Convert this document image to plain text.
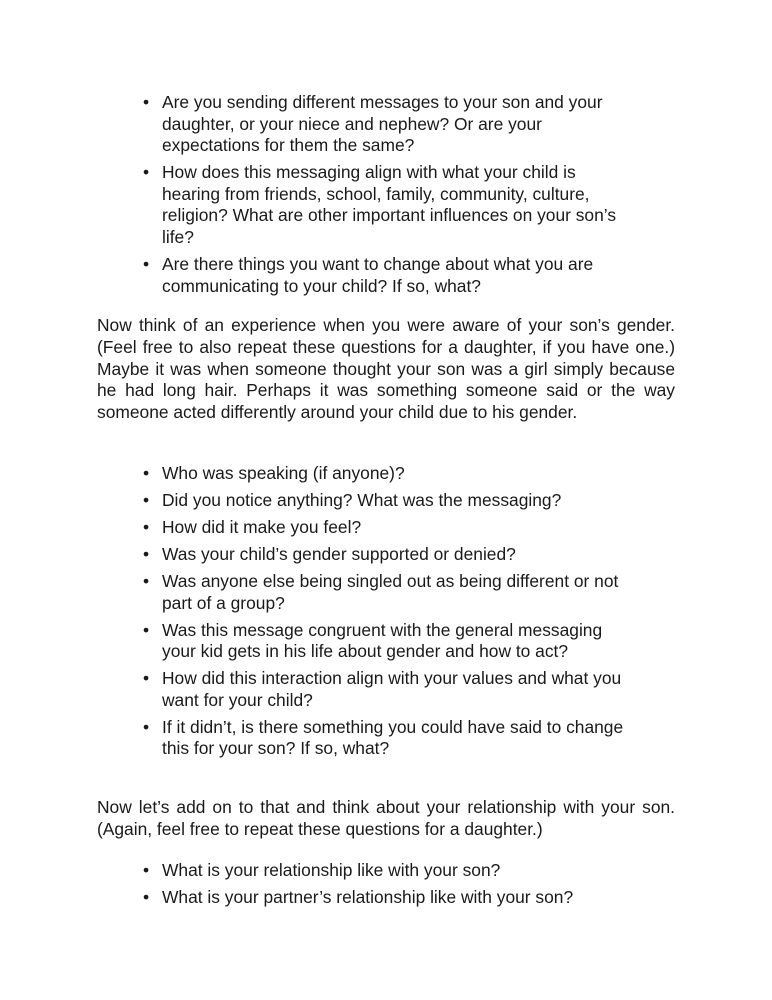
• Are you sending different messages to your son and your daughter, or your niece and nephew? Or are your expectations for them the same?
• How does this messaging align with what your child is hearing from friends, school, family, community, culture, religion? What are other important influences on your son’s life?
• Are there things you want to change about what you are communicating to your child? If so, what?

Now think of an experience when you were aware of your son’s gender. (Feel free to also repeat these questions for a daughter, if you have one.) Maybe it was when someone thought your son was a girl simply because he had long hair. Perhaps it was something someone said or the way someone acted differently around your child due to his gender.

• Who was speaking (if anyone)?
• Did you notice anything? What was the messaging?
• How did it make you feel?
• Was your child’s gender supported or denied?
• Was anyone else being singled out as being different or not part of a group?
• Was this message congruent with the general messaging your kid gets in his life about gender and how to act?
• How did this interaction align with your values and what you want for your child?
• If it didn’t, is there something you could have said to change this for your son? If so, what?

Now let’s add on to that and think about your relationship with your son. (Again, feel free to repeat these questions for a daughter.)

• What is your relationship like with your son?
• What is your partner’s relationship like with your son?
